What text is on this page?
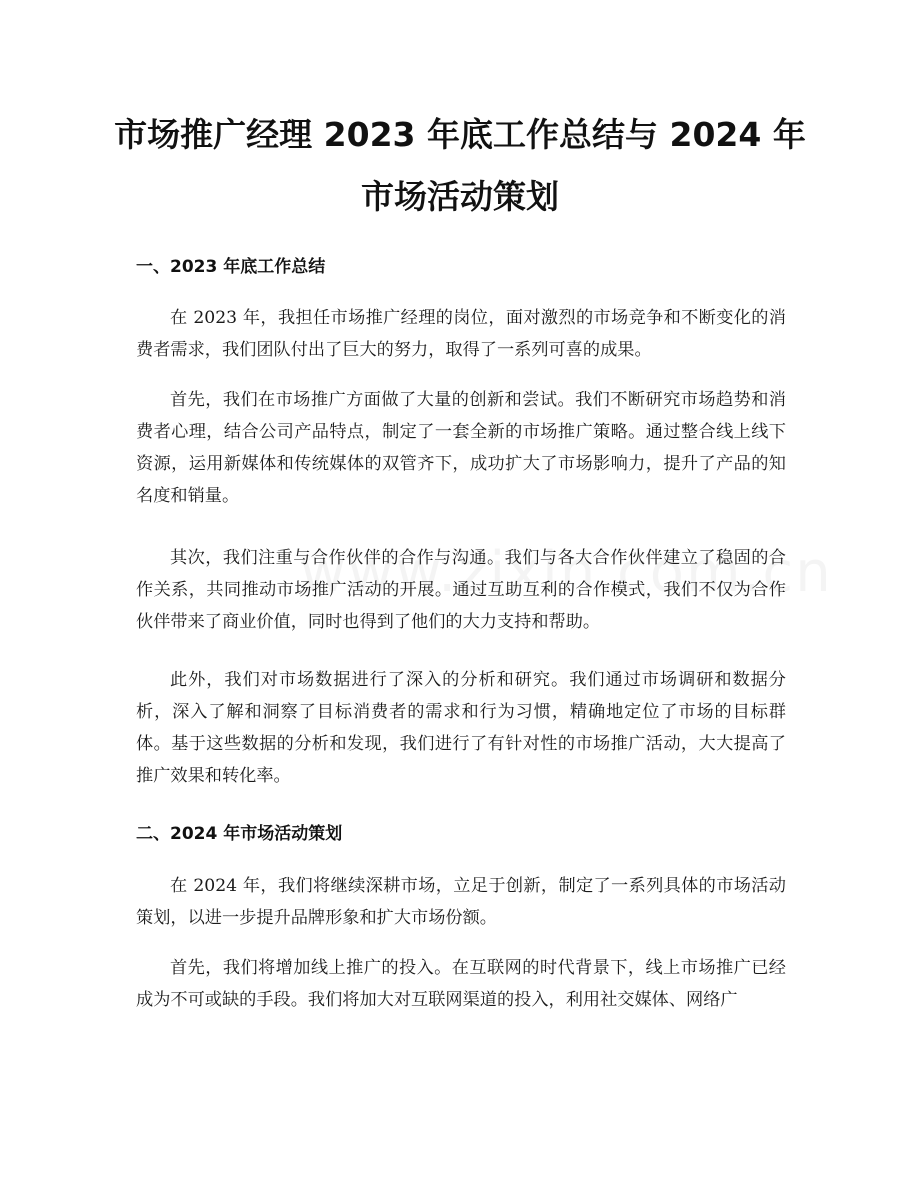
市场推广经理 2023 年底工作总结与 2024 年
市场活动策划
一、2023 年底工作总结

在 2023 年，我担任市场推广经理的岗位，面对激烈的市场竞争和不断变化的消费者需求，我们团队付出了巨大的努力，取得了一系列可喜的成果。

首先，我们在市场推广方面做了大量的创新和尝试。我们不断研究市场趋势和消费者心理，结合公司产品特点，制定了一套全新的市场推广策略。通过整合线上线下资源，运用新媒体和传统媒体的双管齐下，成功扩大了市场影响力，提升了产品的知名度和销量。

其次，我们注重与合作伙伴的合作与沟通。我们与各大合作伙伴建立了稳固的合作关系，共同推动市场推广活动的开展。通过互助互利的合作模式，我们不仅为合作伙伴带来了商业价值，同时也得到了他们的大力支持和帮助。

此外，我们对市场数据进行了深入的分析和研究。我们通过市场调研和数据分析，深入了解和洞察了目标消费者的需求和行为习惯，精确地定位了市场的目标群体。基于这些数据的分析和发现，我们进行了有针对性的市场推广活动，大大提高了推广效果和转化率。

二、2024 年市场活动策划

在 2024 年，我们将继续深耕市场，立足于创新，制定了一系列具体的市场活动策划，以进一步提升品牌形象和扩大市场份额。

首先，我们将增加线上推广的投入。在互联网的时代背景下，线上市场推广已经成为不可或缺的手段。我们将加大对互联网渠道的投入，利用社交媒体、网络广
